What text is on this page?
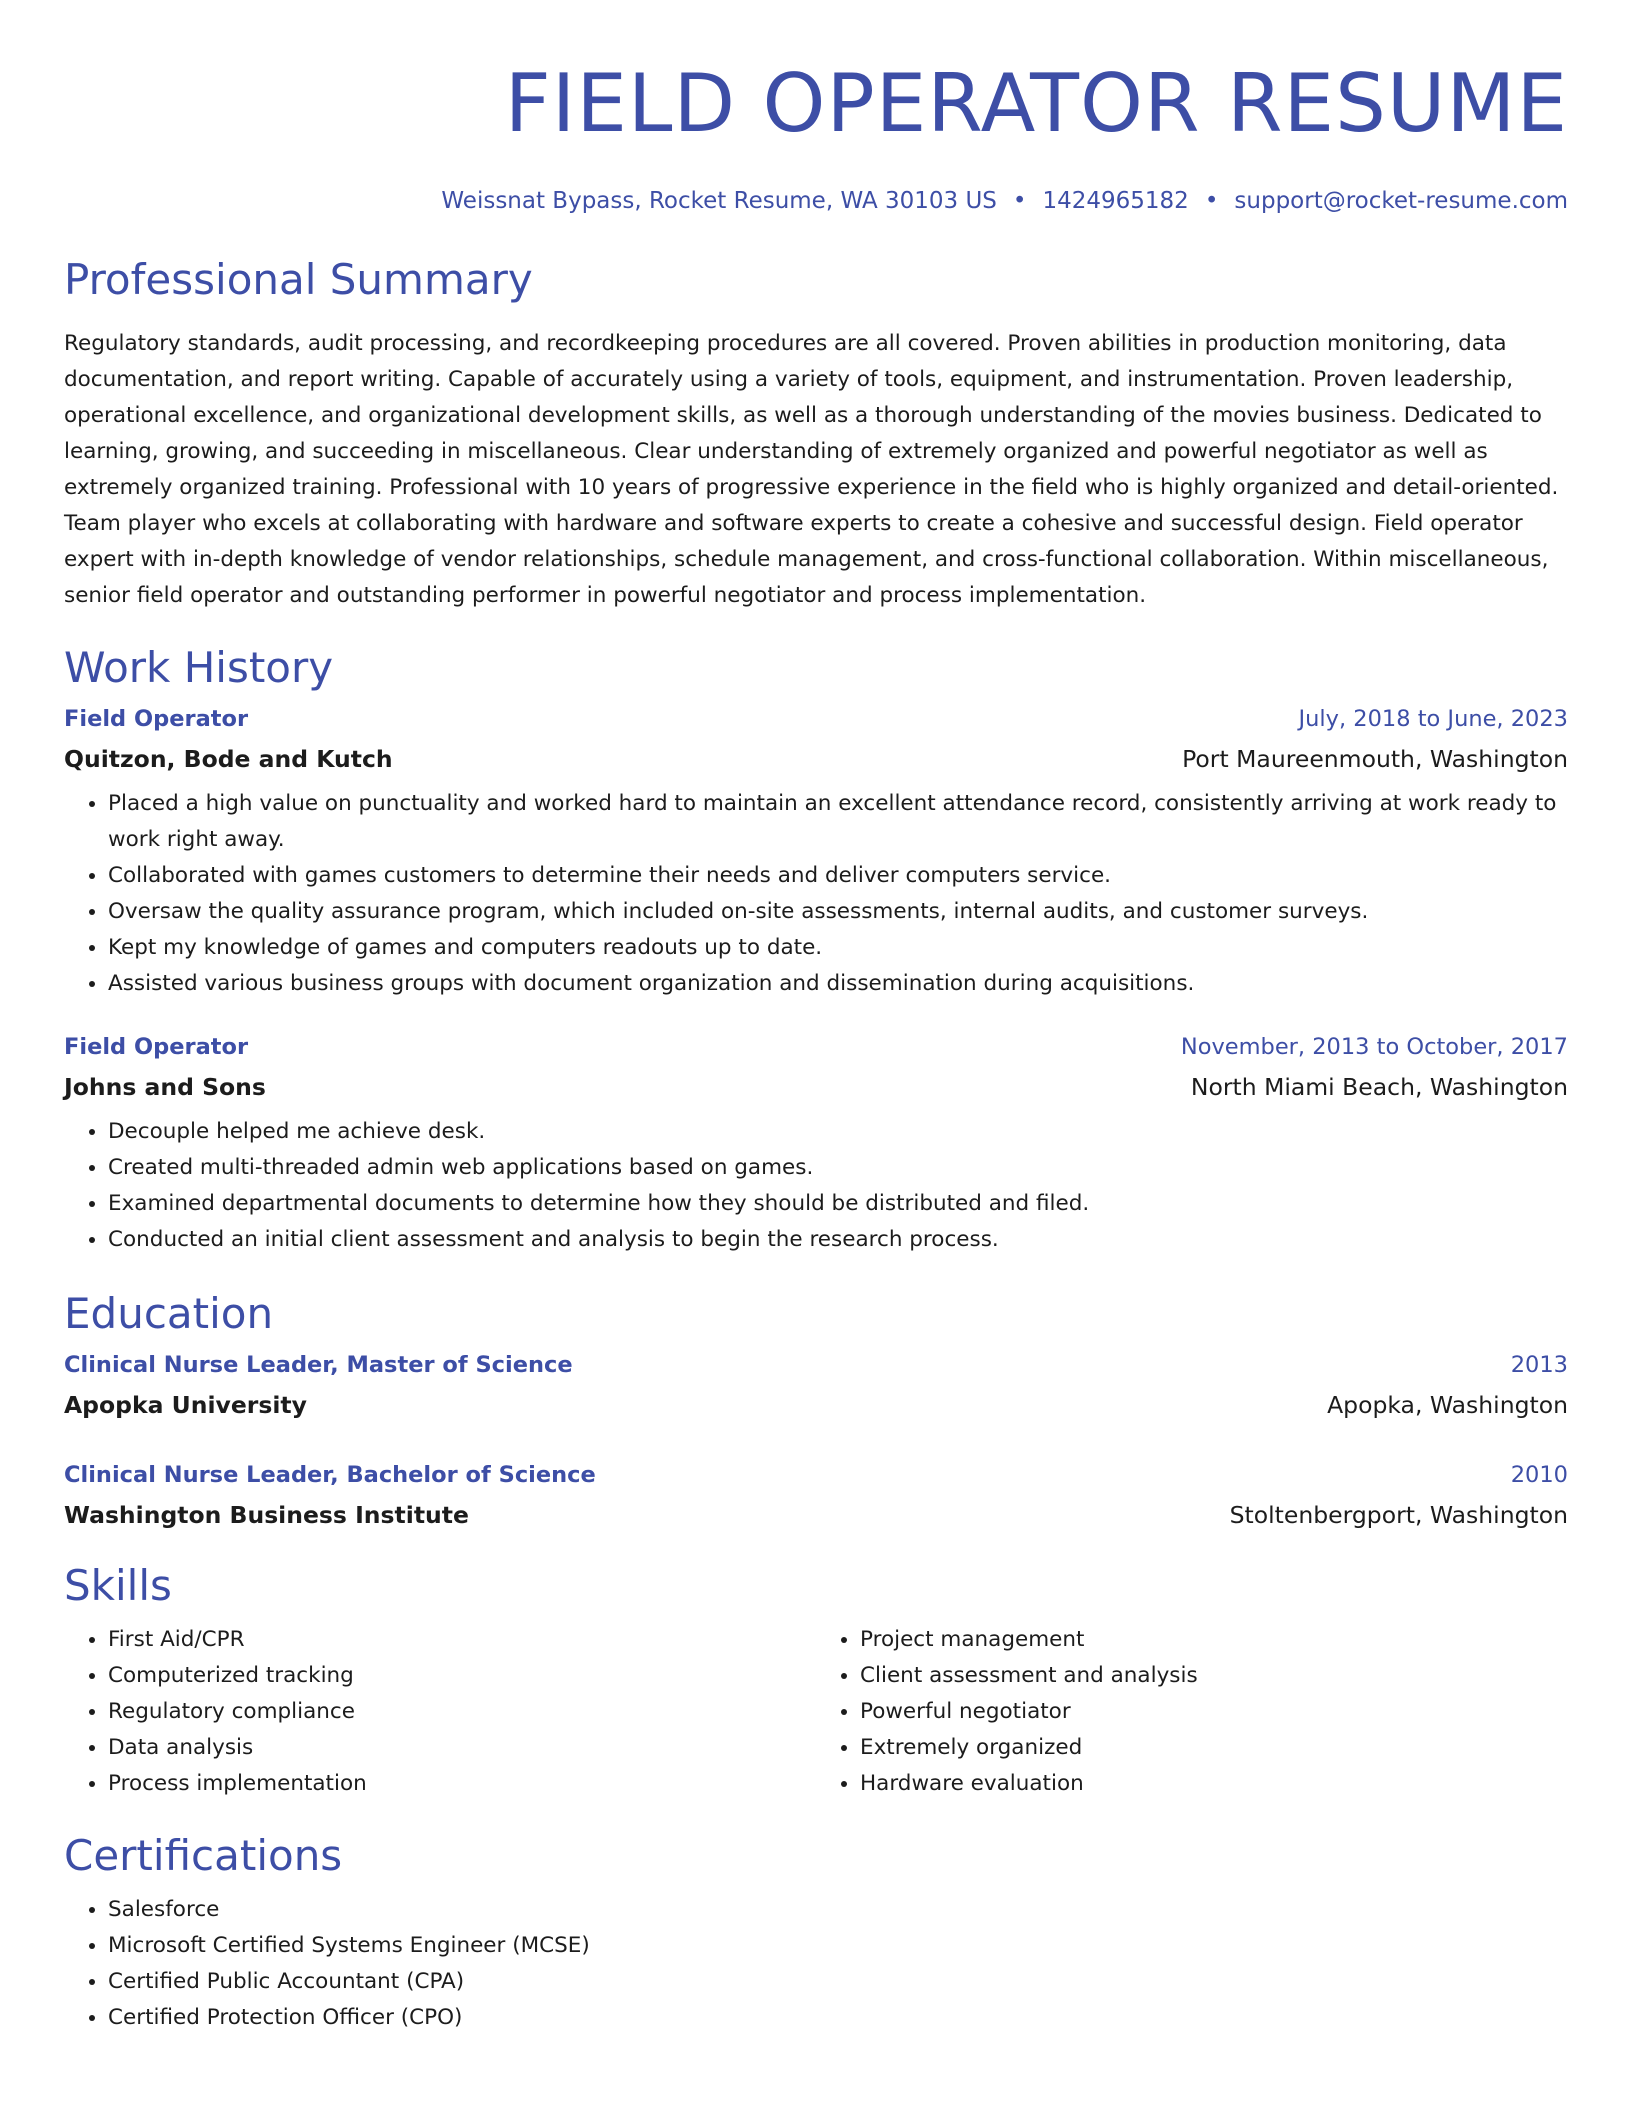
FIELD OPERATOR RESUME
Weissnat Bypass, Rocket Resume, WA 30103 US • 1424965182 • support@rocket-resume.com
Professional Summary

Regulatory standards, audit processing, and recordkeeping procedures are all covered. Proven abilities in production monitoring, data documentation, and report writing. Capable of accurately using a variety of tools, equipment, and instrumentation. Proven leadership, operational excellence, and organizational development skills, as well as a thorough understanding of the movies business. Dedicated to learning, growing, and succeeding in miscellaneous. Clear understanding of extremely organized and powerful negotiator as well as extremely organized training. Professional with 10 years of progressive experience in the field who is highly organized and detail-oriented. Team player who excels at collaborating with hardware and software experts to create a cohesive and successful design. Field operator expert with in-depth knowledge of vendor relationships, schedule management, and cross-functional collaboration. Within miscellaneous, senior field operator and outstanding performer in powerful negotiator and process implementation.

Work History
Field Operator	July, 2018 to June, 2023
Quitzon, Bode and Kutch	Port Maureenmouth, Washington
• Placed a high value on punctuality and worked hard to maintain an excellent attendance record, consistently arriving at work ready to work right away.
• Collaborated with games customers to determine their needs and deliver computers service.
• Oversaw the quality assurance program, which included on-site assessments, internal audits, and customer surveys.
• Kept my knowledge of games and computers readouts up to date.
• Assisted various business groups with document organization and dissemination during acquisitions.
Field Operator	November, 2013 to October, 2017
Johns and Sons	North Miami Beach, Washington
• Decouple helped me achieve desk.
• Created multi-threaded admin web applications based on games.
• Examined departmental documents to determine how they should be distributed and filed.
• Conducted an initial client assessment and analysis to begin the research process.
Education
Clinical Nurse Leader, Master of Science	2013
Apopka University	Apopka, Washington
Clinical Nurse Leader, Bachelor of Science	2010
Washington Business Institute	Stoltenbergport, Washington
Skills
• First Aid/CPR
• Computerized tracking
• Regulatory compliance
• Data analysis
• Process implementation
• Project management
• Client assessment and analysis
• Powerful negotiator
• Extremely organized
• Hardware evaluation
Certifications
• Salesforce
• Microsoft Certified Systems Engineer (MCSE)
• Certified Public Accountant (CPA)
• Certified Protection Officer (CPO)
